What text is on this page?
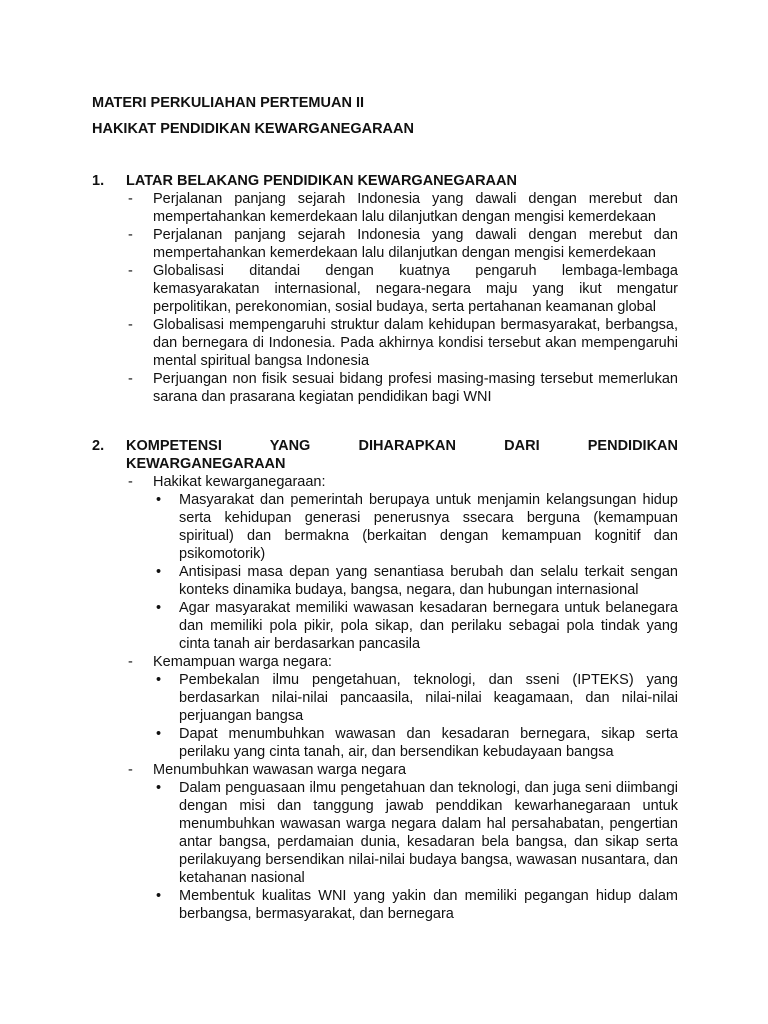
MATERI PERKULIAHAN PERTEMUAN II
HAKIKAT PENDIDIKAN KEWARGANEGARAAN
1.	LATAR BELAKANG PENDIDIKAN KEWARGANEGARAAN
-	Perjalanan panjang sejarah Indonesia yang dawali dengan merebut dan mempertahankan kemerdekaan lalu dilanjutkan dengan mengisi kemerdekaan
-	Perjalanan panjang sejarah Indonesia yang dawali dengan merebut dan mempertahankan kemerdekaan lalu dilanjutkan dengan mengisi kemerdekaan
-	Globalisasi ditandai dengan kuatnya pengaruh lembaga-lembaga kemasyarakatan internasional, negara-negara maju yang ikut mengatur perpolitikan, perekonomian, sosial budaya, serta pertahanan keamanan global
-	Globalisasi mempengaruhi struktur dalam kehidupan bermasyarakat, berbangsa, dan bernegara di Indonesia. Pada akhirnya kondisi tersebut akan mempengaruhi mental spiritual bangsa Indonesia
-	Perjuangan non fisik sesuai bidang profesi masing-masing tersebut memerlukan sarana dan prasarana kegiatan pendidikan bagi WNI
2.	KOMPETENSI YANG DIHARAPKAN DARI PENDIDIKAN
KEWARGANEGARAAN
-	Hakikat kewarganegaraan:
•	Masyarakat dan pemerintah berupaya untuk menjamin kelangsungan hidup serta kehidupan generasi penerusnya ssecara berguna (kemampuan spiritual) dan bermakna (berkaitan dengan kemampuan kognitif dan psikomotorik)
•	Antisipasi masa depan yang senantiasa berubah dan selalu terkait sengan konteks dinamika budaya, bangsa, negara, dan hubungan internasional
•	Agar masyarakat memiliki wawasan kesadaran bernegara untuk belanegara dan memiliki pola pikir, pola sikap, dan perilaku sebagai pola tindak yang cinta tanah air berdasarkan pancasila
-	Kemampuan warga negara:
•	Pembekalan ilmu pengetahuan, teknologi, dan sseni (IPTEKS) yang berdasarkan nilai-nilai pancaasila, nilai-nilai keagamaan, dan nilai-nilai perjuangan bangsa
•	Dapat menumbuhkan wawasan dan kesadaran bernegara, sikap serta perilaku yang cinta tanah, air, dan bersendikan kebudayaan bangsa
-	Menumbuhkan wawasan warga negara
•	Dalam penguasaan ilmu pengetahuan dan teknologi, dan juga seni diimbangi dengan misi dan tanggung jawab penddikan kewarhanegaraan untuk menumbuhkan wawasan warga negara dalam hal persahabatan, pengertian antar bangsa, perdamaian dunia, kesadaran bela bangsa, dan sikap serta perilakuyang bersendikan nilai-nilai budaya bangsa, wawasan nusantara, dan ketahanan nasional
•	Membentuk kualitas WNI yang yakin dan memiliki pegangan hidup dalam berbangsa, bermasyarakat, dan bernegara
